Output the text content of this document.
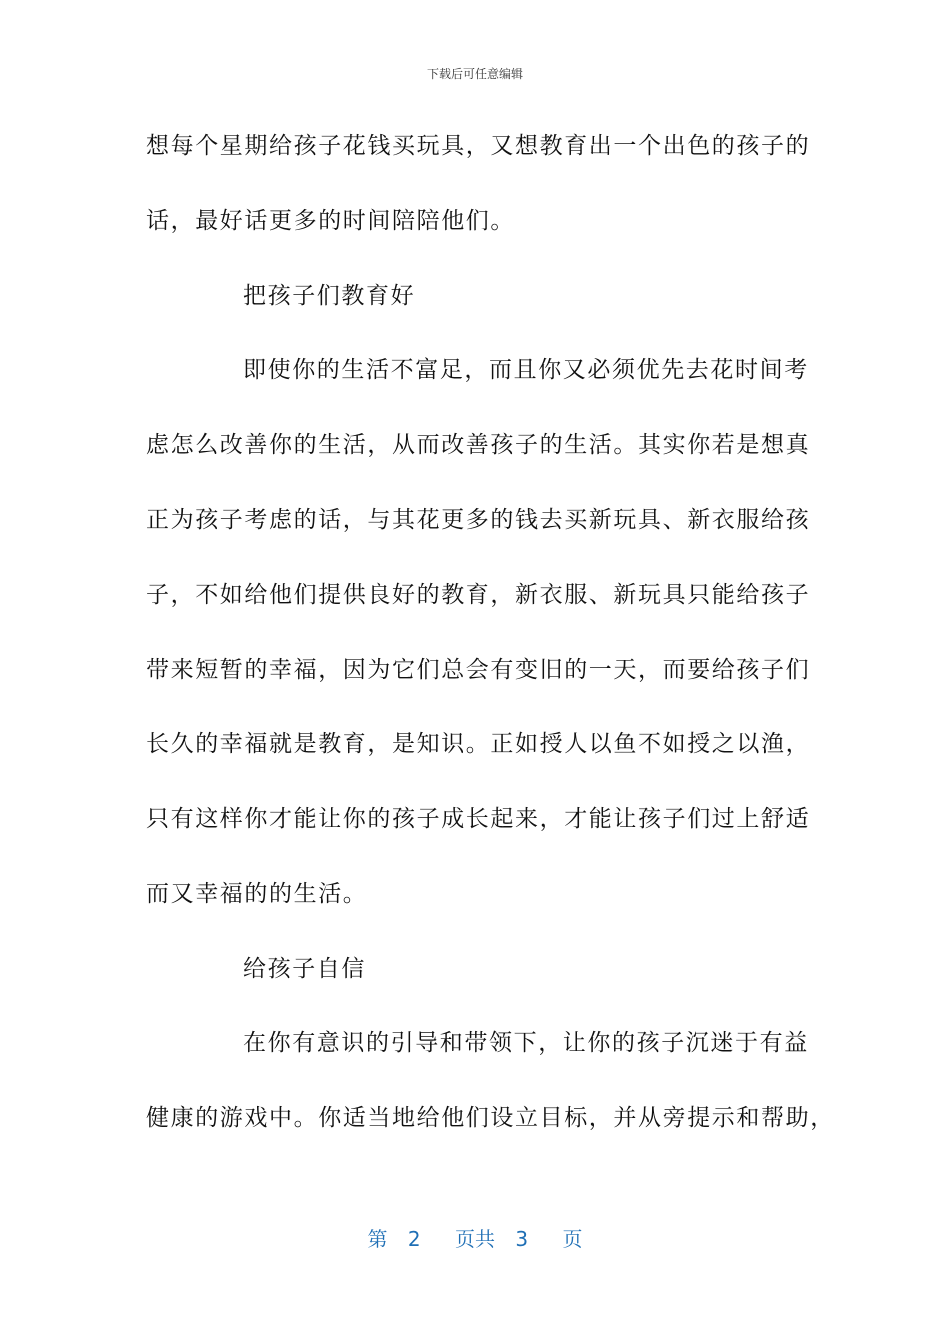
下载后可任意编辑
想每个星期给孩子花钱买玩具，又想教育出一个出色的孩子的
话，最好话更多的时间陪陪他们。
把孩子们教育好
即使你的生活不富足，而且你又必须优先去花时间考
虑怎么改善你的生活，从而改善孩子的生活。其实你若是想真
正为孩子考虑的话，与其花更多的钱去买新玩具、新衣服给孩
子，不如给他们提供良好的教育，新衣服、新玩具只能给孩子
带来短暂的幸福，因为它们总会有变旧的一天，而要给孩子们
长久的幸福就是教育，是知识。正如授人以鱼不如授之以渔，
只有这样你才能让你的孩子成长起来，才能让孩子们过上舒适
而又幸福的的生活。
给孩子自信
在你有意识的引导和带领下，让你的孩子沉迷于有益
健康的游戏中。你适当地给他们设立目标，并从旁提示和帮助，
第 2 页共 3 页
